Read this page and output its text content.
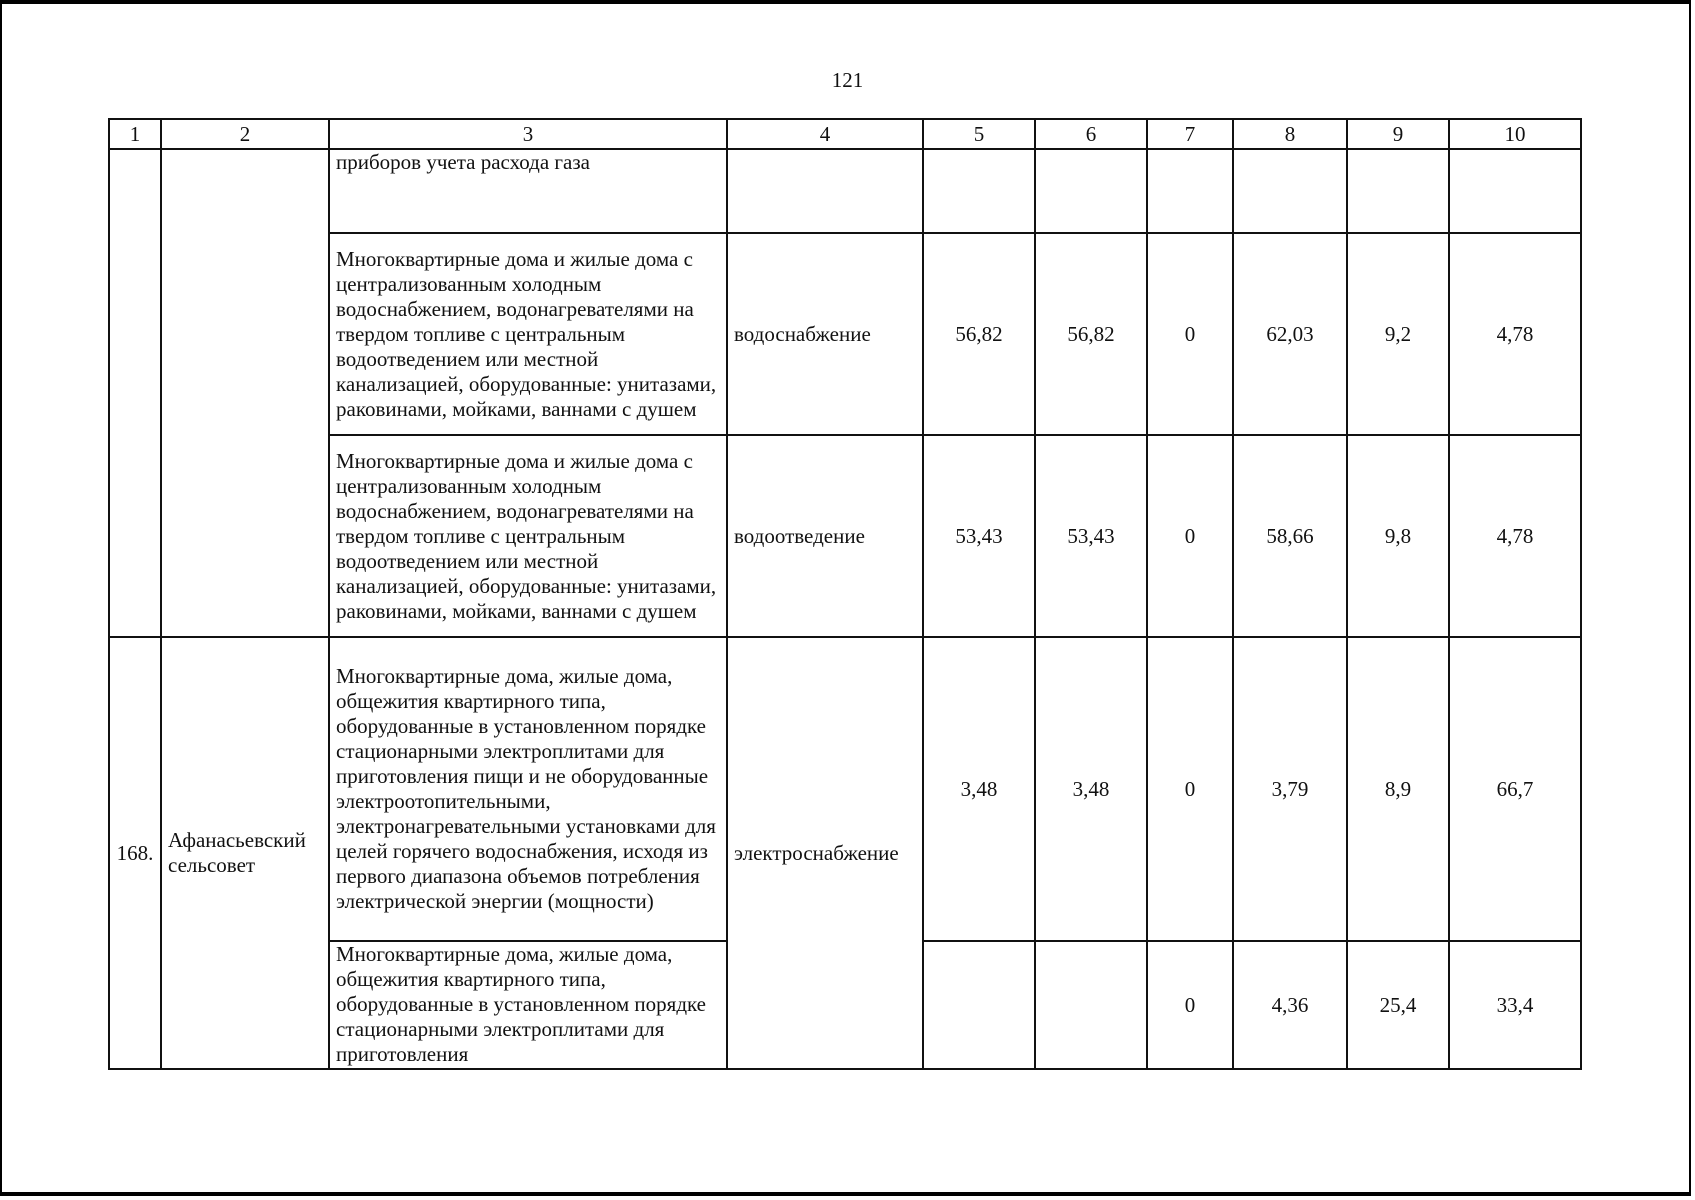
121
1	2	3	4	5	6	7	8	9	10
		приборов учета расхода газа							
		Многоквартирные дома и жилые дома с централизованным холодным водоснабжением, водонагревателями на твердом топливе с центральным водоотведением или местной канализацией, оборудованные: унитазами, раковинами, мойками, ваннами с душем	водоснабжение	56,82	56,82	0	62,03	9,2	4,78
		Многоквартирные дома и жилые дома с централизованным холодным водоснабжением, водонагревателями на твердом топливе с центральным водоотведением или местной канализацией, оборудованные: унитазами, раковинами, мойками, ваннами с душем	водоотведение	53,43	53,43	0	58,66	9,8	4,78
168.	Афанасьевский сельсовет	Многоквартирные дома, жилые дома, общежития квартирного типа, оборудованные в установленном порядке стационарными электроплитами для приготовления пищи и не оборудованные электроотопительными, электронагревательными установками для целей горячего водоснабжения, исходя из первого диапазона объемов потребления электрической энергии (мощности)	электроснабжение	3,48	3,48	0	3,79	8,9	66,7
		Многоквартирные дома, жилые дома, общежития квартирного типа, оборудованные в установленном порядке стационарными электроплитами для приготовления				0	4,36	25,4	33,4
